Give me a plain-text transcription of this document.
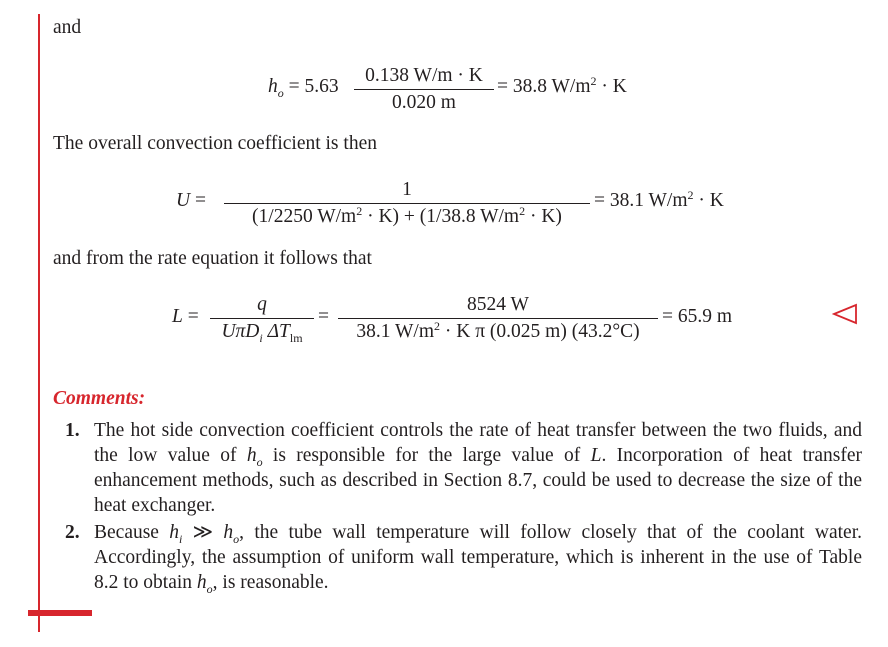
and
$h_o = 5.63 \frac{0.138 W/m \cdot K}{0.020 m} = 38.8$ $W/m^2 \cdot K$
The overall convection coefficient is then
$U = \frac{1}{(1/2250 W/m^2 \cdot K) + (1/38.8 W/m^2 \cdot K)} = 38.1$ $W/m^2 \cdot K$
and from the rate equation it follows that
L =
q
UπD$_i$ $\Delta T_{lm}$
= $\frac{8524 W}{38.1 W/m^2 \cdot K \pi (0.025 m) (43.2^\circ C)} = 65.9$ m
Comments:
1. The hot side convection coefficient controls the rate of heat transfer between the two fluids, and the low value of $h_o$ is responsible for the large value of L. Incorporation of heat transfer enhancement methods, such as described in Section 8.7, could be used to decrease the size of the heat exchanger.
2. Because $h_i$ ≫ $h_o$, the tube wall temperature will follow closely that of the coolant water. Accordingly, the assumption of uniform wall temperature, which is inherent in the use of Table 8.2 to obtain $h_o$, is reasonable.
